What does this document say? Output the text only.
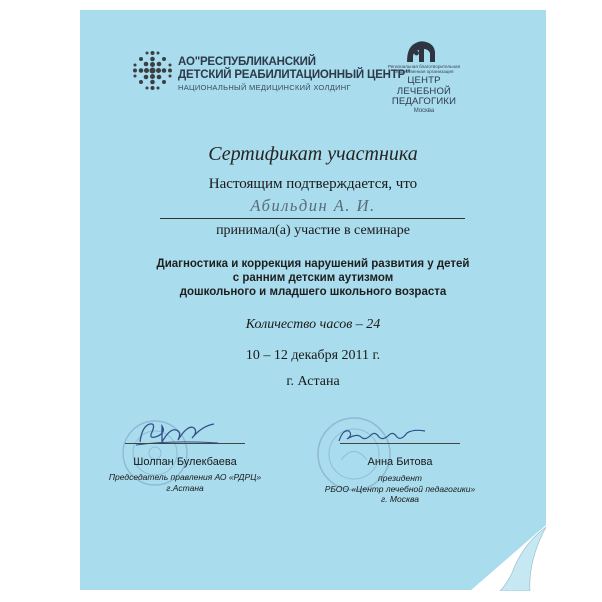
АО"РЕСПУБЛИКАНСКИЙ
ДЕТСКИЙ РЕАБИЛИТАЦИОННЫЙ ЦЕНТР"
НАЦИОНАЛЬНЫЙ МЕДИЦИНСКИЙ ХОЛДИНГ
Региональная благотворительная
общественная организация
ЦЕНТР
ЛЕЧЕБНОЙ
ПЕДАГОГИКИ
Москва
Сертификат участника
Настоящим подтверждается, что
Абильдин А. И.
принимал(а) участие в семинаре
Диагностика и коррекция нарушений развития у детей
с ранним детским аутизмом
дошкольного и младшего школьного возраста
Количество часов – 24
10 – 12 декабря 2011 г.
г. Астана
Шолпан Булекбаева
Председатель правления АО «РДРЦ»
г.Астана
Анна Битова
президент
РБОО «Центр лечебной педагогики»
г. Москва
